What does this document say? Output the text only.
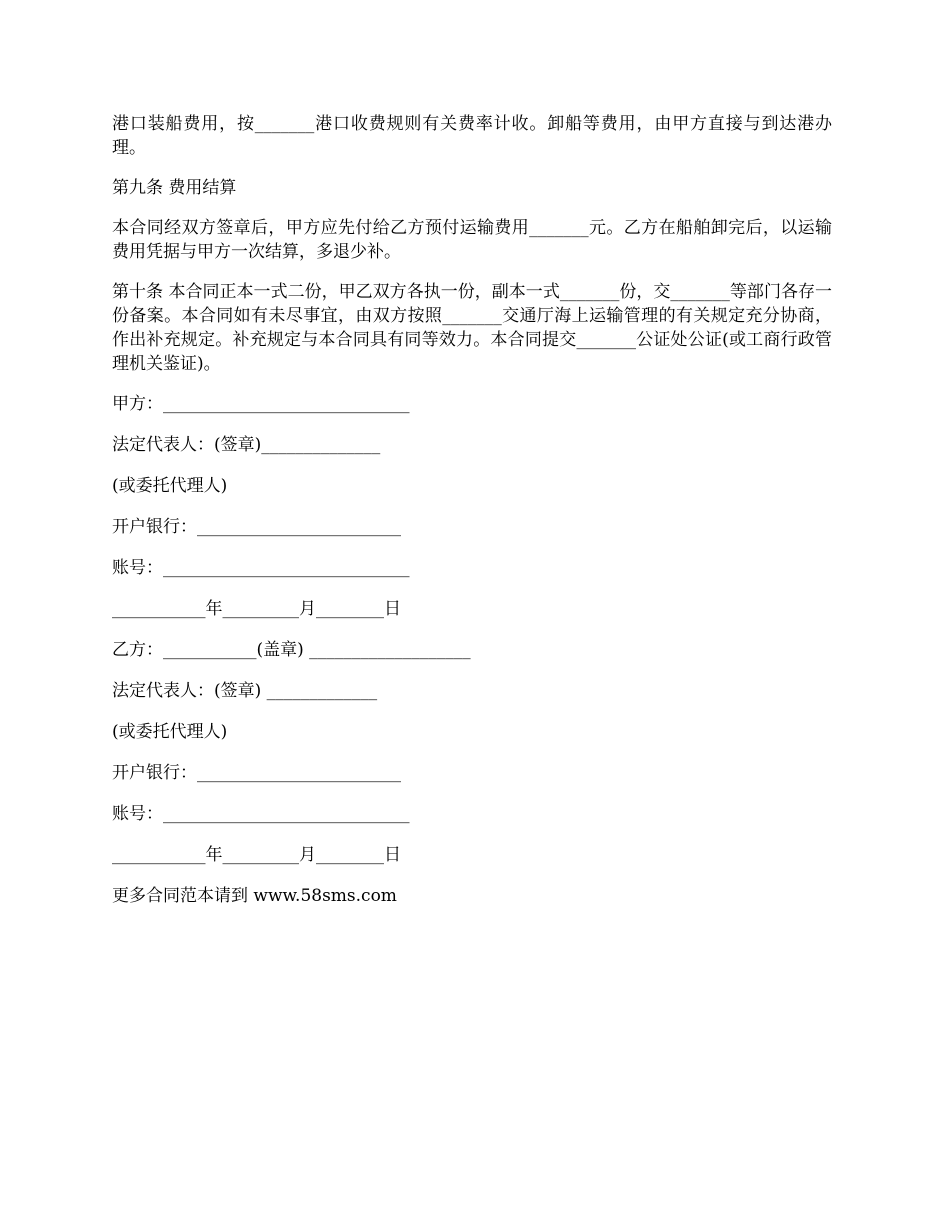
港口装船费用，按_______港口收费规则有关费率计收。卸船等费用，由甲方直接与到达港办理。

第九条 费用结算

本合同经双方签章后，甲方应先付给乙方预付运输费用_______元。乙方在船舶卸完后，以运输费用凭据与甲方一次结算，多退少补。

第十条 本合同正本一式二份，甲乙双方各执一份，副本一式_______份，交_______等部门各存一份备案。本合同如有未尽事宜，由双方按照_______交通厅海上运输管理的有关规定充分协商，作出补充规定。补充规定与本合同具有同等效力。本合同提交_______公证处公证(或工商行政管理机关鉴证)。

甲方：_____________________________

法定代表人：(签章)______________

(或委托代理人)

开户银行：________________________

账号：_____________________________

___________年_________月________日

乙方：___________(盖章) ___________________

法定代表人：(签章) _____________

(或委托代理人)

开户银行：________________________

账号：_____________________________

___________年_________月________日

更多合同范本请到 www.58sms.com
